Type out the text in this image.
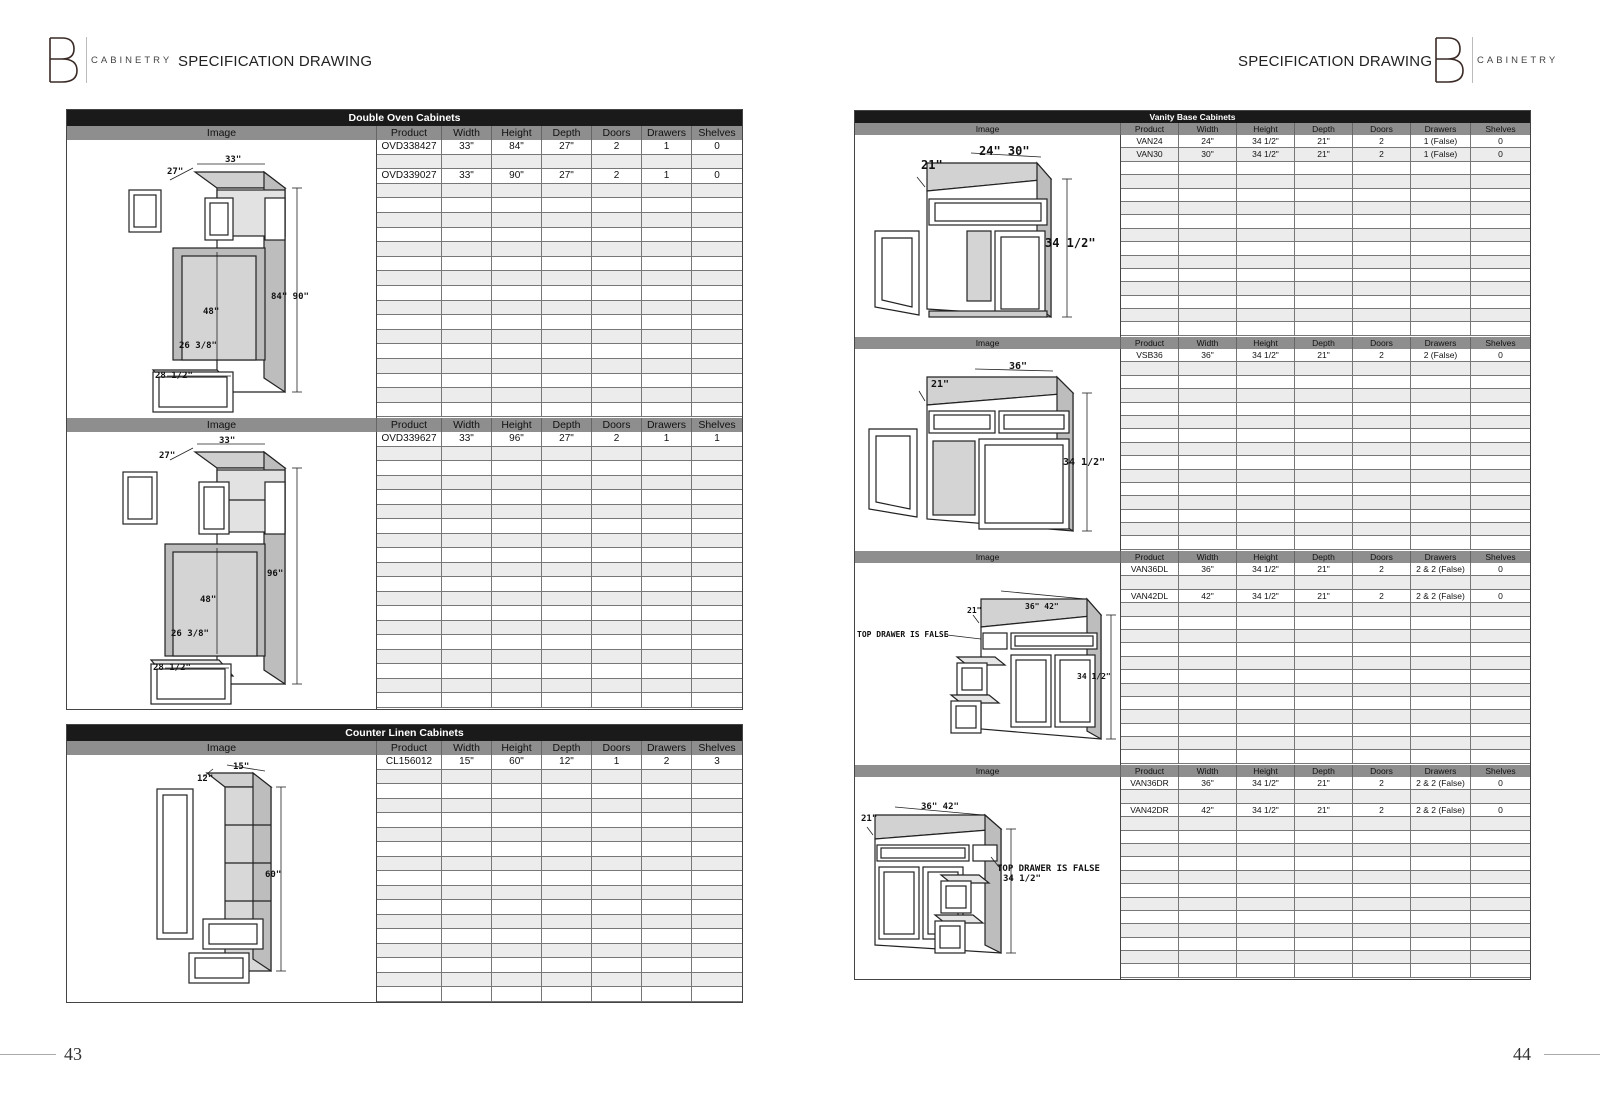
CABINETRY SPECIFICATION DRAWING	SPECIFICATION DRAWING	CABINETRY
Double Oven Cabinets
Image	Product	Width	Height	Depth	Doors	Drawers	Shelves
27"
33"
84" 90"
48"
26 3/8"
28 1/2"
OVD338427	33"	84"	27"	2	1	0
OVD339027	33"	90"	27"	2	1	0
Image	Product	Width	Height	Depth	Doors	Drawers	Shelves
27"
33"
96"
48"
26 3/8"
28 1/2"
OVD339627	33"	96"	27"	2	1	1
Counter Linen Cabinets
Image	Product	Width	Height	Depth	Doors	Drawers	Shelves
12"
15"
60"
CL156012	15"	60"	12"	1	2	3
Vanity Base Cabinets
Image	Product	Width	Height	Depth	Doors	Drawers	Shelves
21"
24" 30"
34 1/2"
VAN24	24"	34 1/2"	21"	2	1 (False)	0
VAN30	30"	34 1/2"	21"	2	1 (False)	0
Image	Product	Width	Height	Depth	Doors	Drawers	Shelves
21"
36"
34 1/2"
VSB36	36"	34 1/2"	21"	2	2 (False)	0
Image	Product	Width	Height	Depth	Doors	Drawers	Shelves
21"	36" 42"
34 1/2"
TOP DRAWER IS FALSE
VAN36DL	36"	34 1/2"	21"	2	2 & 2 (False)	0
VAN42DL	42"	34 1/2"	21"	2	2 & 2 (False)	0
Image	Product	Width	Height	Depth	Doors	Drawers	Shelves
21"
36" 42"
34 1/2"
TOP DRAWER IS FALSE
VAN36DR	36"	34 1/2"	21"	2	2 & 2 (False)	0
VAN42DR	42"	34 1/2"	21"	2	2 & 2 (False)	0
43	44
